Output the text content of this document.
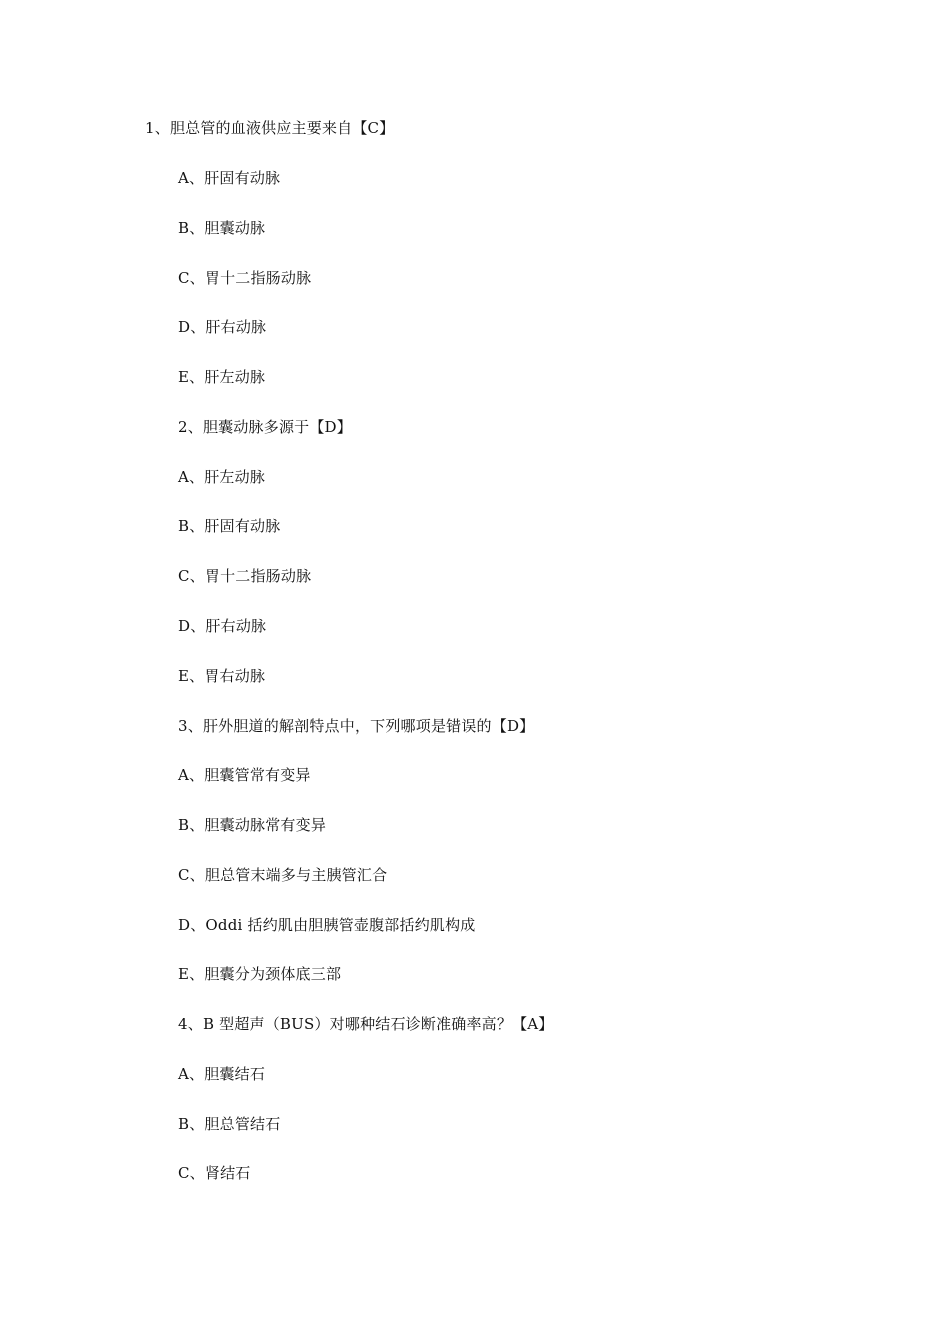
1、胆总管的血液供应主要来自【C】
A、肝固有动脉
B、胆囊动脉
C、胃十二指肠动脉
D、肝右动脉
E、肝左动脉
2、胆囊动脉多源于【D】
A、肝左动脉
B、肝固有动脉
C、胃十二指肠动脉
D、肝右动脉
E、胃右动脉
3、肝外胆道的解剖特点中，下列哪项是错误的【D】
A、胆囊管常有变异
B、胆囊动脉常有变异
C、胆总管末端多与主胰管汇合
D、Oddi 括约肌由胆胰管壶腹部括约肌构成
E、胆囊分为颈体底三部
4、B 型超声（BUS）对哪种结石诊断准确率高？【A】
A、胆囊结石
B、胆总管结石
C、肾结石
